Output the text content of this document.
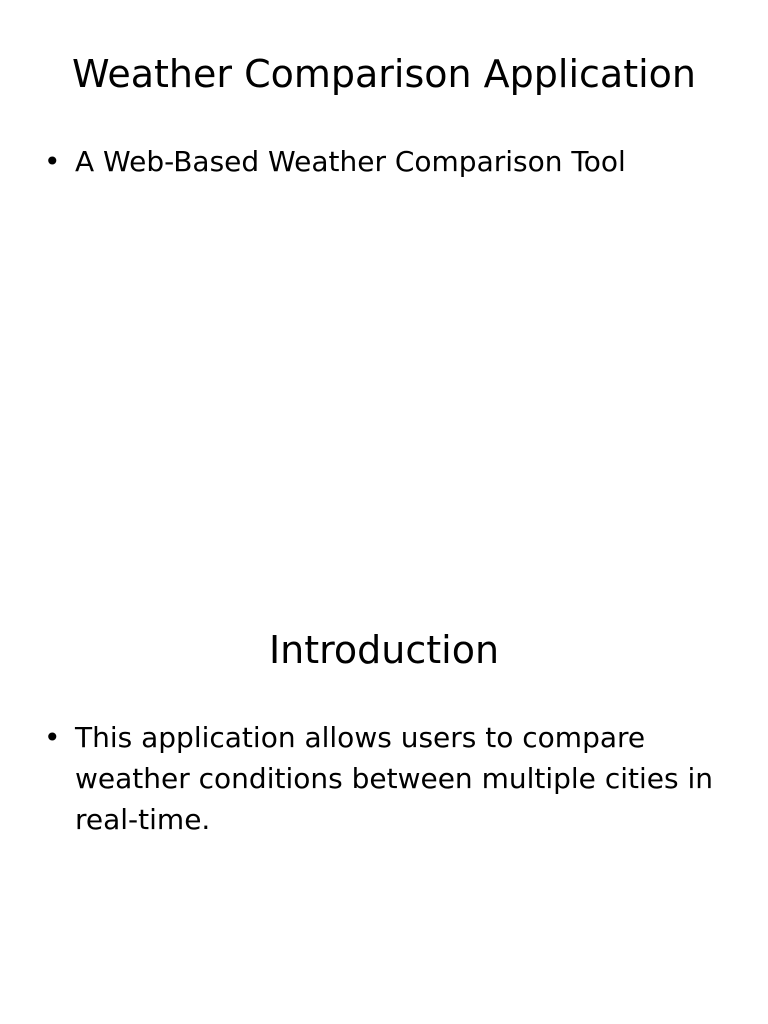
Weather Comparison Application
• A Web-Based Weather Comparison Tool
Introduction
• This application allows users to compare weather conditions between multiple cities in real-time.
